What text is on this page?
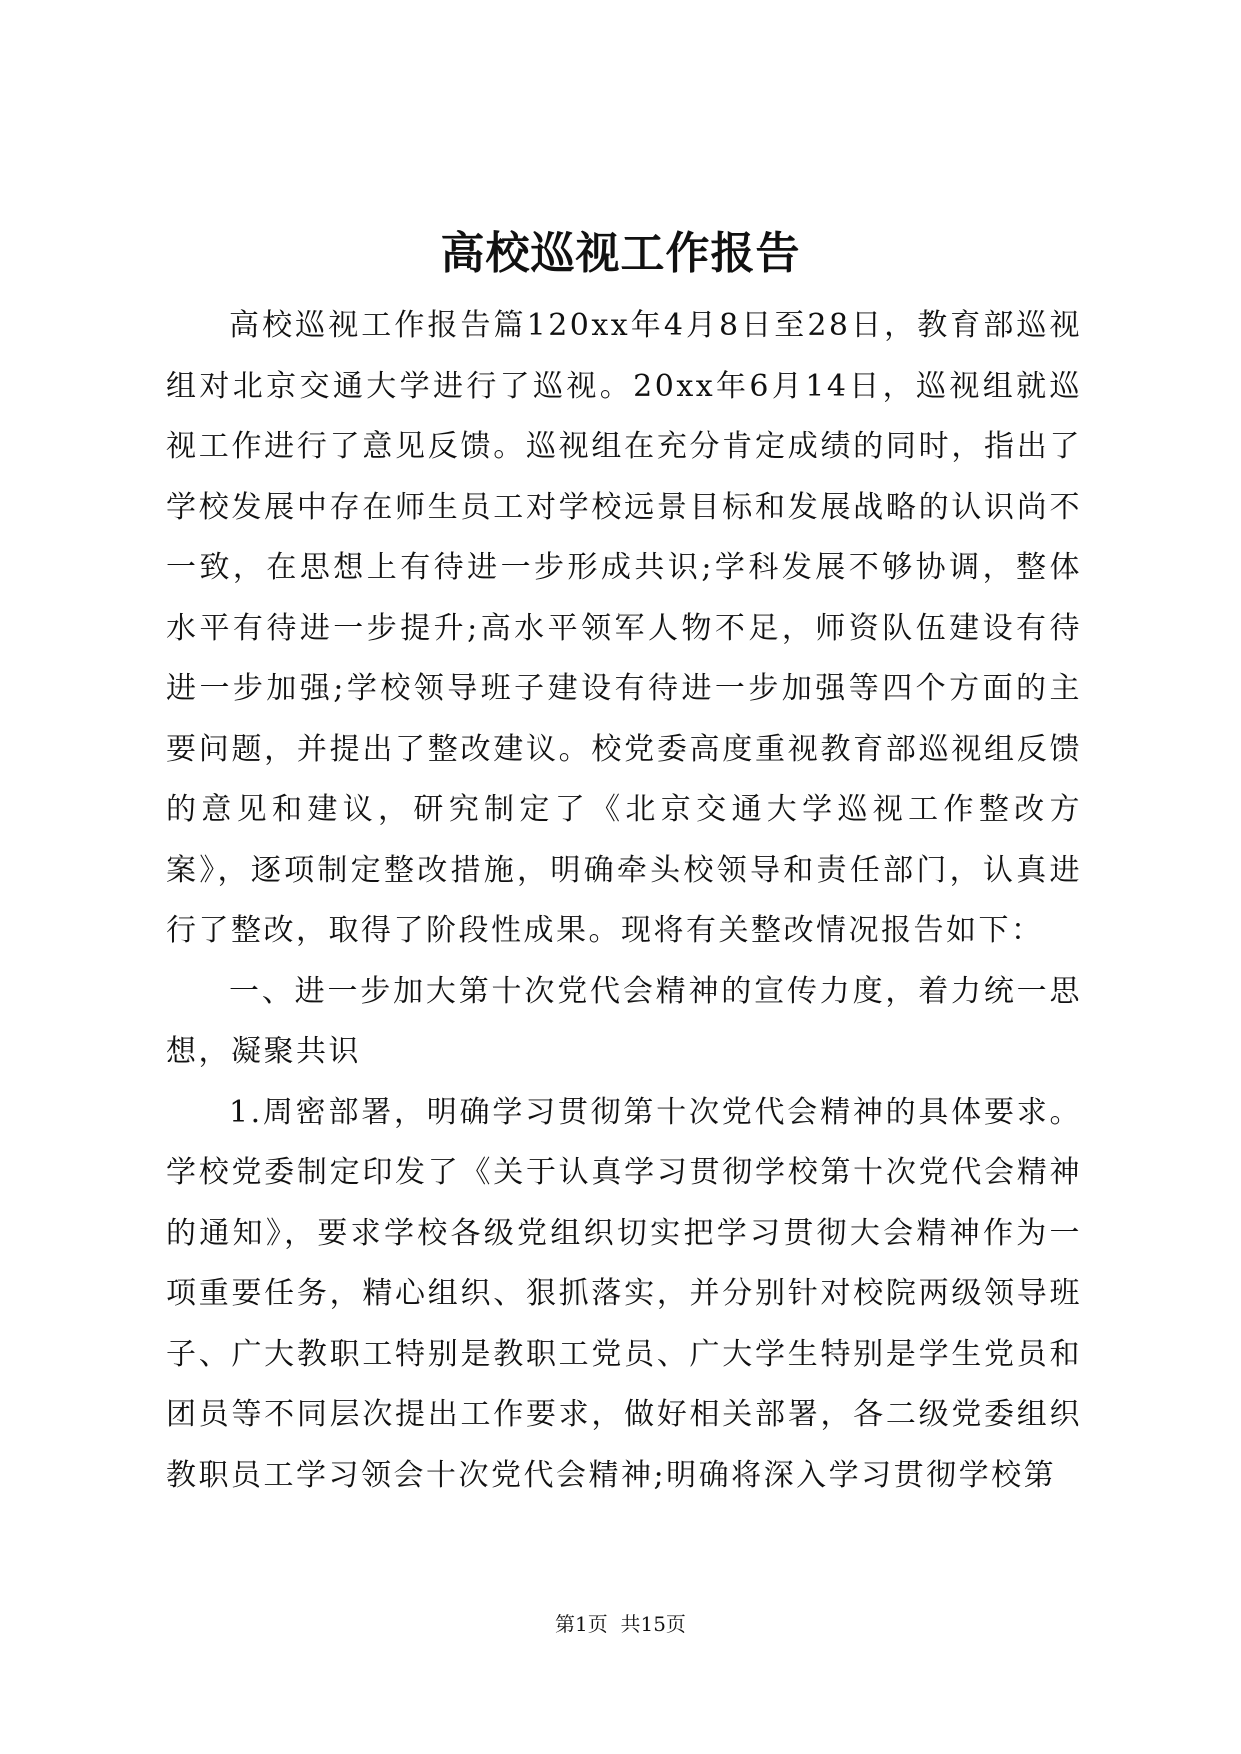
高校巡视工作报告

高校巡视工作报告篇120xx年4月8日至28日，教育部巡视组对北京交通大学进行了巡视。20xx年6月14日，巡视组就巡视工作进行了意见反馈。巡视组在充分肯定成绩的同时，指出了学校发展中存在师生员工对学校远景目标和发展战略的认识尚不一致，在思想上有待进一步形成共识;学科发展不够协调，整体水平有待进一步提升;高水平领军人物不足，师资队伍建设有待进一步加强;学校领导班子建设有待进一步加强等四个方面的主要问题，并提出了整改建议。校党委高度重视教育部巡视组反馈的意见和建议，研究制定了《北京交通大学巡视工作整改方案》，逐项制定整改措施，明确牵头校领导和责任部门，认真进行了整改，取得了阶段性成果。现将有关整改情况报告如下：

一、进一步加大第十次党代会精神的宣传力度，着力统一思想，凝聚共识

1.周密部署，明确学习贯彻第十次党代会精神的具体要求。学校党委制定印发了《关于认真学习贯彻学校第十次党代会精神的通知》，要求学校各级党组织切实把学习贯彻大会精神作为一项重要任务，精心组织、狠抓落实，并分别针对校院两级领导班子、广大教职工特别是教职工党员、广大学生特别是学生党员和团员等不同层次提出工作要求，做好相关部署，各二级党委组织教职员工学习领会十次党代会精神;明确将深入学习贯彻学校第

第1页  共15页
